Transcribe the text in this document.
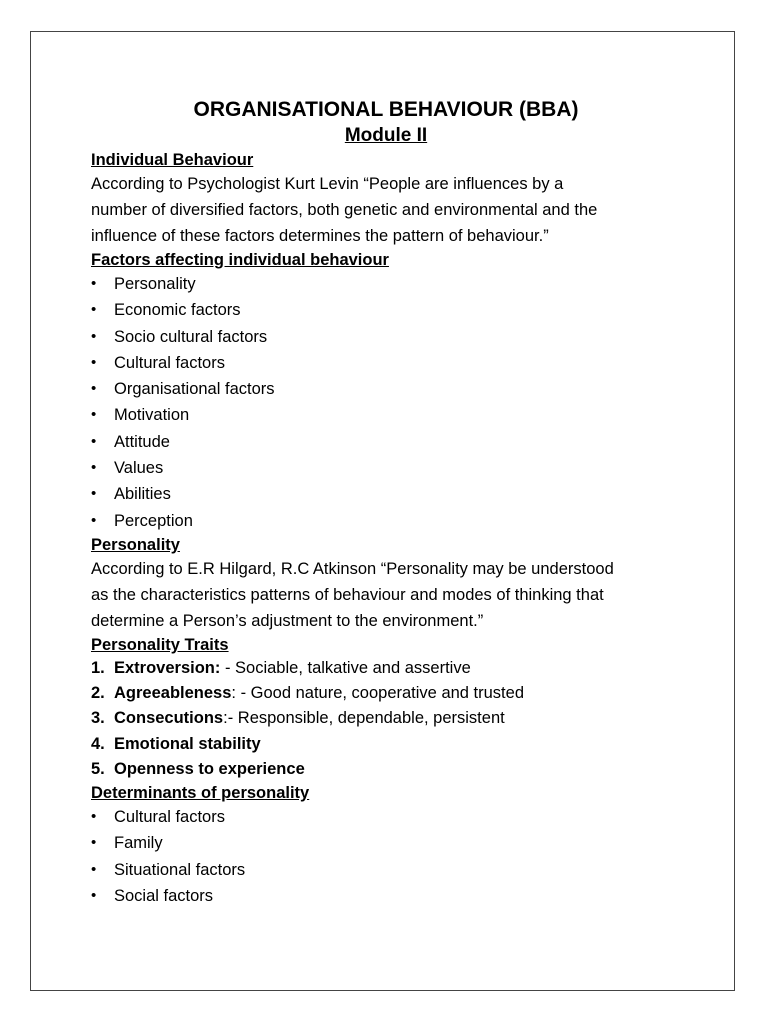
ORGANISATIONAL BEHAVIOUR (BBA)
Module II
Individual Behaviour
According to Psychologist Kurt Levin “People are influences by a
number of diversified factors, both genetic and environmental and the
influence of these factors determines the pattern of behaviour.”
Factors affecting individual behaviour
• Personality
• Economic factors
• Socio cultural factors
• Cultural factors
• Organisational factors
• Motivation
• Attitude
• Values
• Abilities
• Perception
Personality
According to E.R Hilgard, R.C Atkinson “Personality may be understood
as the characteristics patterns of behaviour and modes of thinking that
determine a Person’s adjustment to the environment.”
Personality Traits
1. Extroversion: - Sociable, talkative and assertive
2. Agreeableness: - Good nature, cooperative and trusted
3. Consecutions:- Responsible, dependable, persistent
4. Emotional stability
5. Openness to experience
Determinants of personality
• Cultural factors
• Family
• Situational factors
• Social factors
